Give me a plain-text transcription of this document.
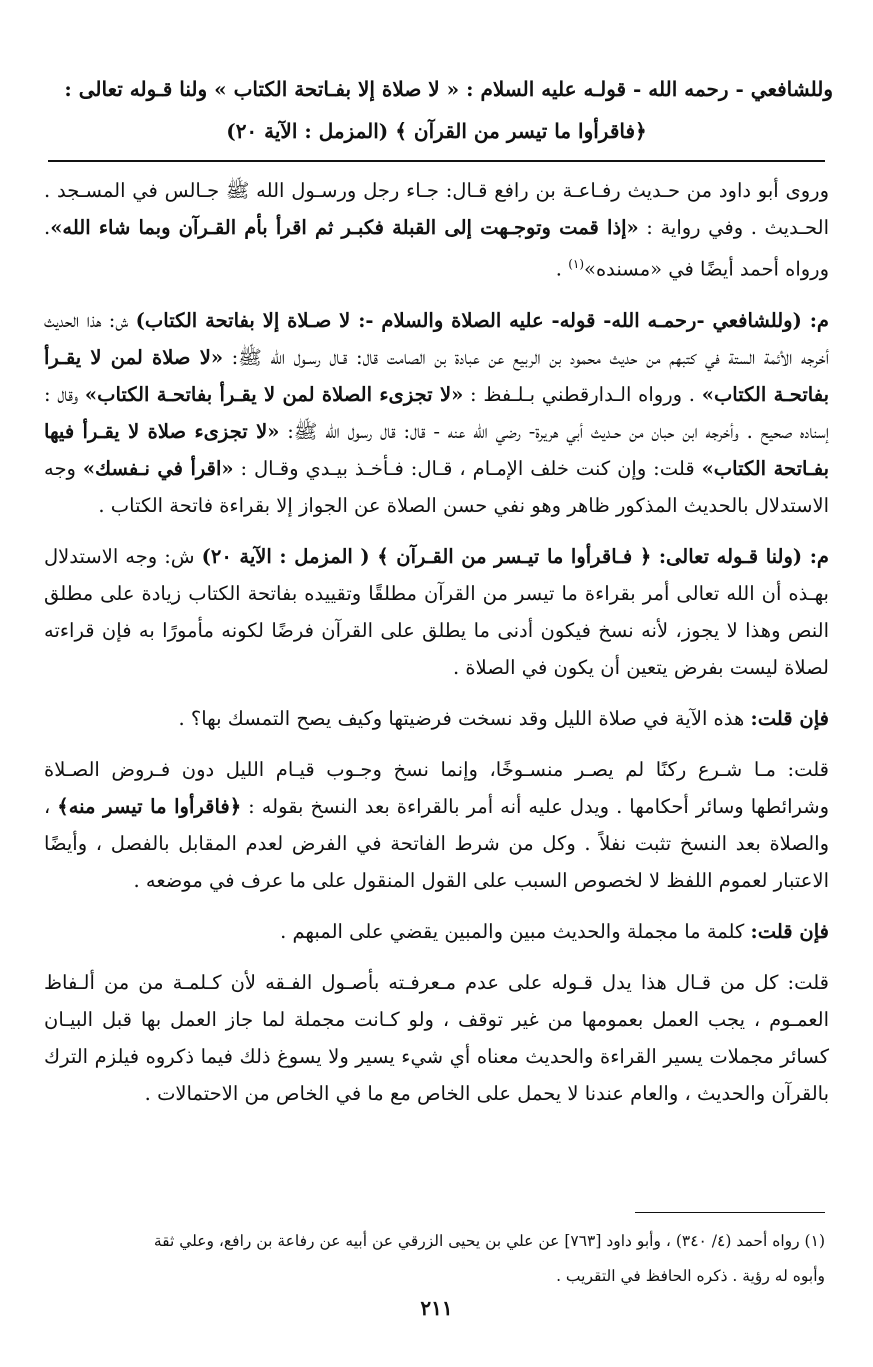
وللشافعي - رحمه الله - قولـه عليه السلام : « لا صلاة إلا بفـاتحة الكتاب » ولنا قـوله تعالى :
﴿فاقرأوا ما تيسر من القرآن ﴾ (المزمل : الآية ٢٠)

وروى أبو داود من حـديث رفـاعـة بن رافع قـال: جـاء رجل ورسـول الله ﷺ جـالس في المسـجد . الحـديث . وفي رواية : «إذا قمت وتوجـهت إلى القبلة فكبـر ثم اقرأ بأم القـرآن وبما شاء الله». ورواه أحمد أيضًا في «مسنده»$^{(١)}$ .

م: (وللشافعي -رحمـه الله- قوله- عليه الصلاة والسلام -: لا صـلاة إلا بفاتحة الكتاب) ش: هذا الحديث أخرجه الأئمة الستة في كتبهم من حديث محمود بن الربيع عن عبادة بن الصامت قال: قـال رسـول الله ﷺ: «لا صلاة لمن لا يقـرأ بفاتحـة الكتاب» . ورواه الـدارقطني بـلـفظ : «لا تجزىء الصلاة لمن لا يقـرأ بفاتحـة الكتاب» وقال : إسناده صحيح . وأخرجه ابن حبان من حـديث أبي هريرة- رضي الله عنه - قال: قال رسول الله ﷺ: «لا تجزىء صلاة لا يقـرأ فيها بفـاتحة الكتاب» قلت: وإن كنت خلف الإمـام ، قـال: فـأخـذ بيـدي وقـال : «اقرأ في نـفسك» وجه الاستدلال بالحديث المذكور ظاهر وهو نفي حسن الصلاة عن الجواز إلا بقراءة فاتحة الكتاب .

م: (ولنا قـوله تعالى: ﴿ فـاقرأوا ما تيـسر من القـرآن ﴾ ( المزمل : الآية ٢٠) ش: وجه الاستدلال بهـذه أن الله تعالى أمر بقراءة ما تيسر من القرآن مطلقًا وتقييده بفاتحة الكتاب زيادة على مطلق النص وهذا لا يجوز، لأنه نسخ فيكون أدنى ما يطلق على القرآن فرضًا لكونه مأمورًا به فإن قراءته لصلاة ليست بفرض يتعين أن يكون في الصلاة .

فإن قلت: هذه الآية في صلاة الليل وقد نسخت فرضيتها وكيف يصح التمسك بها؟ .

قلت: مـا شـرع ركنًا لم يصـر منسـوخًا، وإنما نسخ وجـوب قيـام الليل دون فـروض الصـلاة وشرائطها وسائر أحكامها . ويدل عليه أنه أمر بالقراءة بعد النسخ بقوله : ﴿فاقرأوا ما تيسر منه﴾ ، والصلاة بعد النسخ تثبت نفلاً . وكل من شرط الفاتحة في الفرض لعدم المقابل بالفصل ، وأيضًا الاعتبار لعموم اللفظ لا لخصوص السبب على القول المنقول على ما عرف في موضعه .

فإن قلت: كلمة ما مجملة والحديث مبين والمبين يقضي على المبهم .

قلت: كل من قـال هذا يدل قـوله على عدم مـعرفـته بأصـول الفـقه لأن كـلمـة من من ألـفاظ العمـوم ، يجب العمل بعمومها من غير توقف ، ولو كـانت مجملة لما جاز العمل بها قبل البيـان كسائر مجملات يسير القراءة والحديث معناه أي شيء يسير ولا يسوغ ذلك فيما ذكروه فيلزم الترك بالقرآن والحديث ، والعام عندنا لا يحمل على الخاص مع ما في الخاص من الاحتمالات .

(١) رواه أحمد (٤/ ٣٤٠) ، وأبو داود [٧٦٣] عن علي بن يحيى الزرقي عن أبيه عن رفاعة بن رافع، وعلي ثقة

وأبوه له رؤية . ذكره الحافظ في التقريب .

٢١١
